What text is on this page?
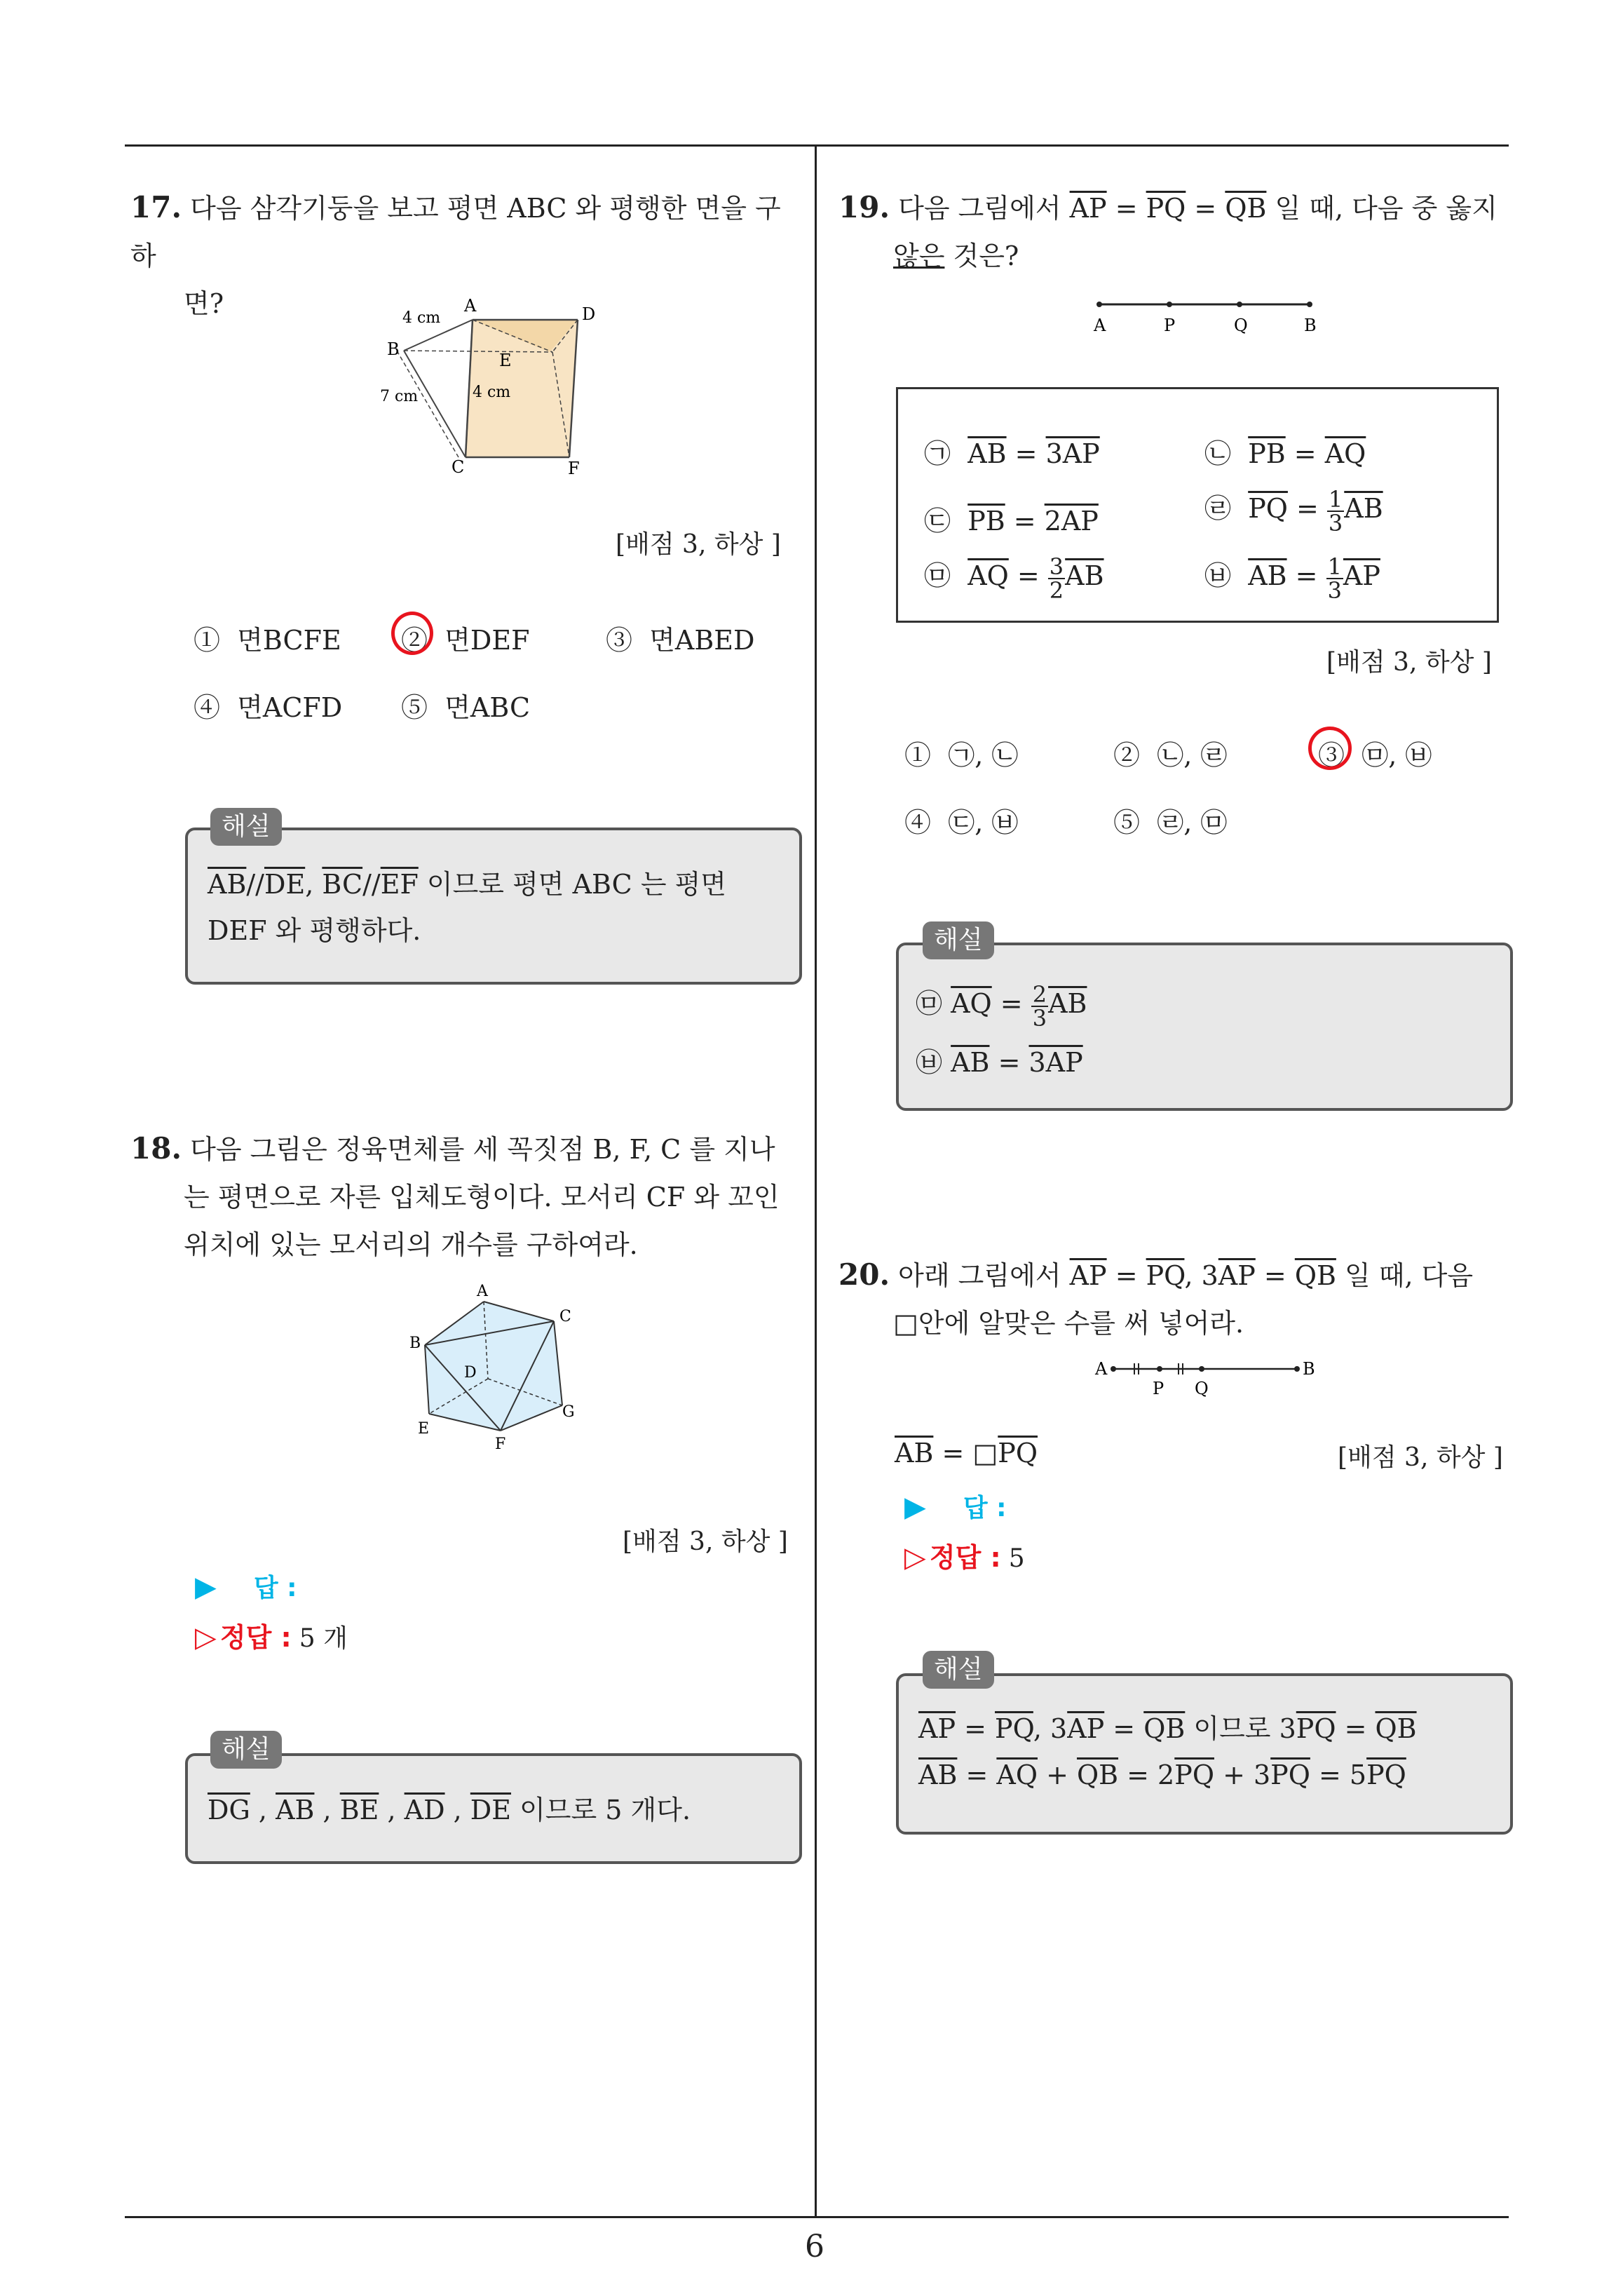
6
17. 다음 삼각기둥을 보고 평면 ABC 와 평행한 면을 구하
면?	A	D
B
E
C	F
4 cm
7 cm	4 cm
[배점 3, 하상 ]
① 면BCFE ② 면DEF	③ 면ABED
④ 면ACFD ⑤ 면ABC
해설
$\overline{AB}//\overline{DE}$, $\overline{BC}//\overline{EF}$ 이므로 평면 ABC 는 평면
DEF 와 평행하다.
18. 다음 그림은 정육면체를 세 꼭짓점 B, F, C 를 지나
는 평면으로 자른 입체도형이다. 모서리 CF 와 꼬인
위치에 있는 모서리의 개수를 구하여라.
A
B
C
D
E
F
G
[배점 3, 하상 ]
▶ 답 :
▷ 정답 : 5 개
해설
$\overline{DG}$ , $\overline{AB}$ , $\overline{BE}$ , $\overline{AD}$ , $\overline{DE}$ 이므로 5 개다.
19. 다음 그림에서 $\overline{AP} = \overline{PQ} = \overline{QB}$ 일 때, 다음 중 옳지
않은 것은?
A	P	Q	B
㉠ $\overline{AB} = 3AP$	㉡ $\overline{PB} = \overline{AQ}$
㉢ $\overline{PB} = 2AP$	㉣ $\overline{PQ} = \frac{1}{3} \overline{AB}$
㉤ $\overline{AQ} = \frac{3}{2} \overline{AB}$	㉥ $\overline{AB} = \frac{1}{3} \overline{AP}$
[배점 3, 하상 ]
① ㉠, ㉡	② ㉡, ㉣	③ ㉤, ㉥
④ ㉢, ㉥	⑤ ㉣, ㉤
해설
㉤ $\overline{AQ} = \frac{2}{3} \overline{AB}$
㉥ $\overline{AB} = 3AP$
20. 아래 그림에서 $\overline{AP} = \overline{PQ}$, $3\overline{AP} = \overline{QB}$ 일 때, 다음
□안에 알맞은 수를 써 넣어라.
A
P Q
B
$\overline{AB}$ = $□\overline{PQ}$	[배점 3, 하상 ]
▶ 답 :
▷ 정답 : 5
해설
$\overline{AP} = \overline{PQ}$, $3\overline{AP} = \overline{QB}$ 이므로 $3\overline{PQ} = \overline{QB}$
$\overline{AB} = \overline{AQ} + \overline{QB} = 2\overline{PQ} + 3\overline{PQ} = 5\overline{PQ}$
